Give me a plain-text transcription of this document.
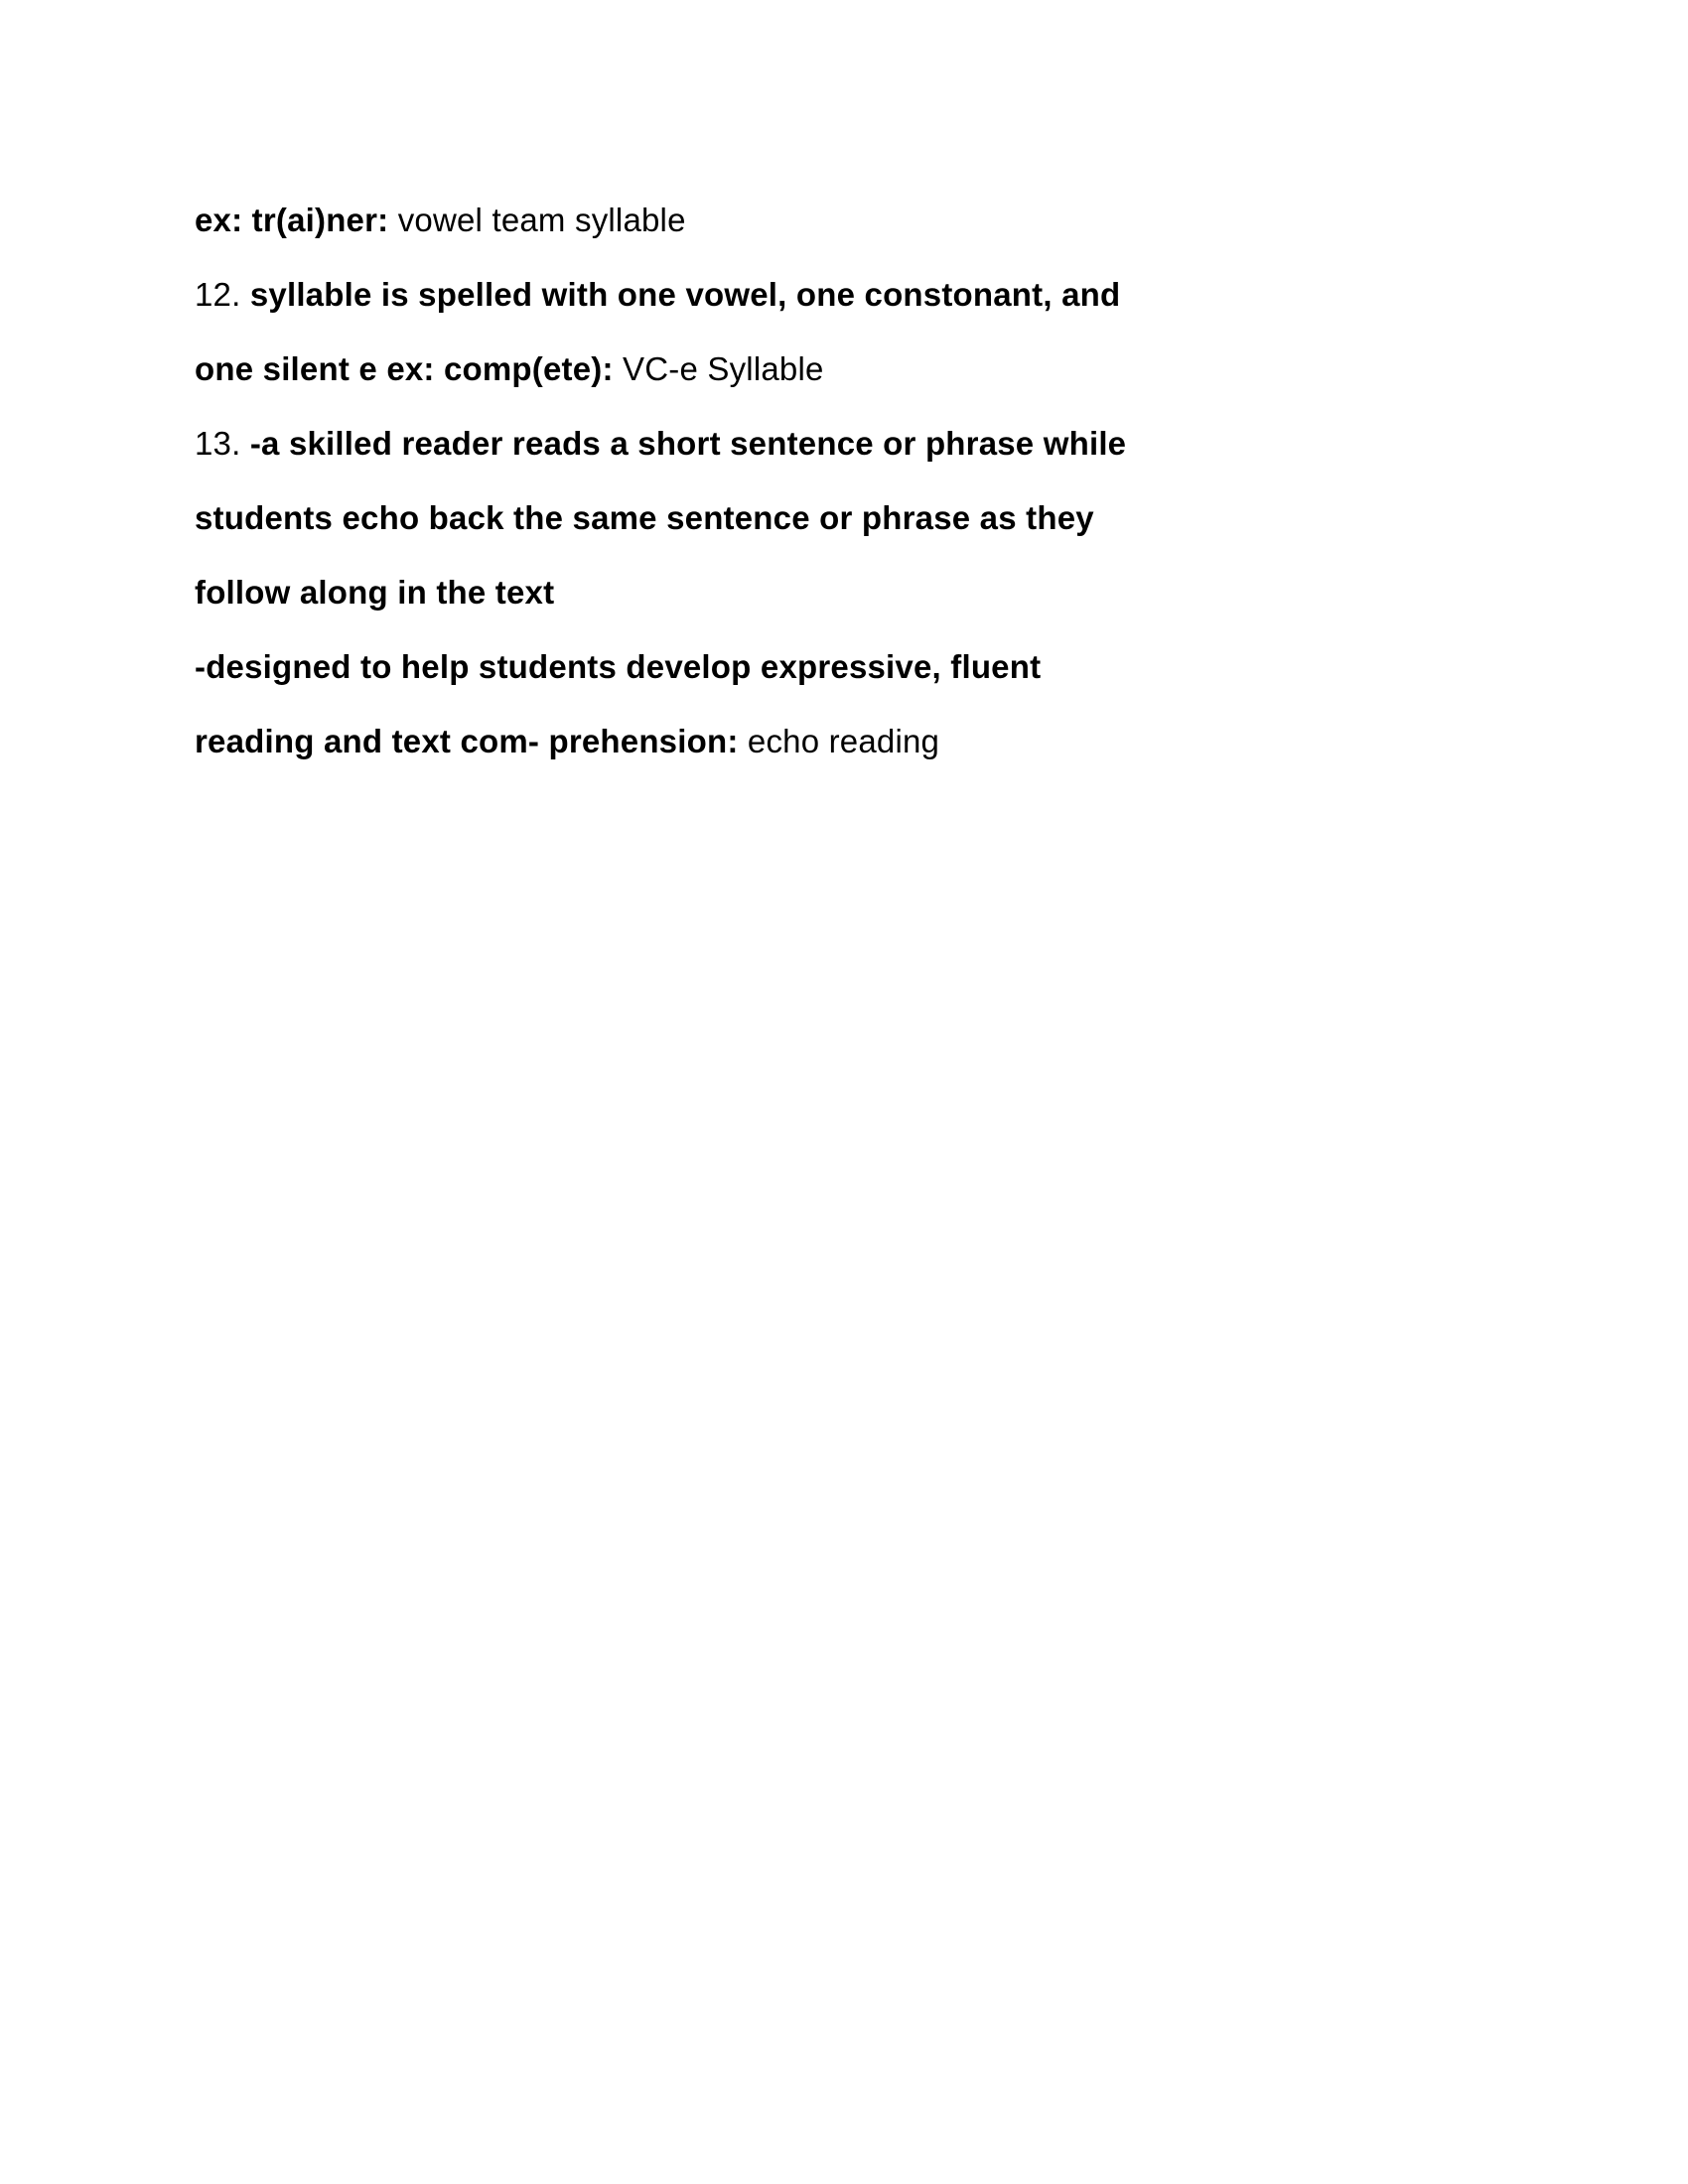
ex: tr(ai)ner: vowel team syllable
12. syllable is spelled with one vowel, one constonant, and
one silent e ex: comp(ete): VC-e Syllable
13. -a skilled reader reads a short sentence or phrase while
students echo back the same sentence or phrase as they
follow along in the text
-designed to help students develop expressive, fluent
reading and text com- prehension: echo reading
